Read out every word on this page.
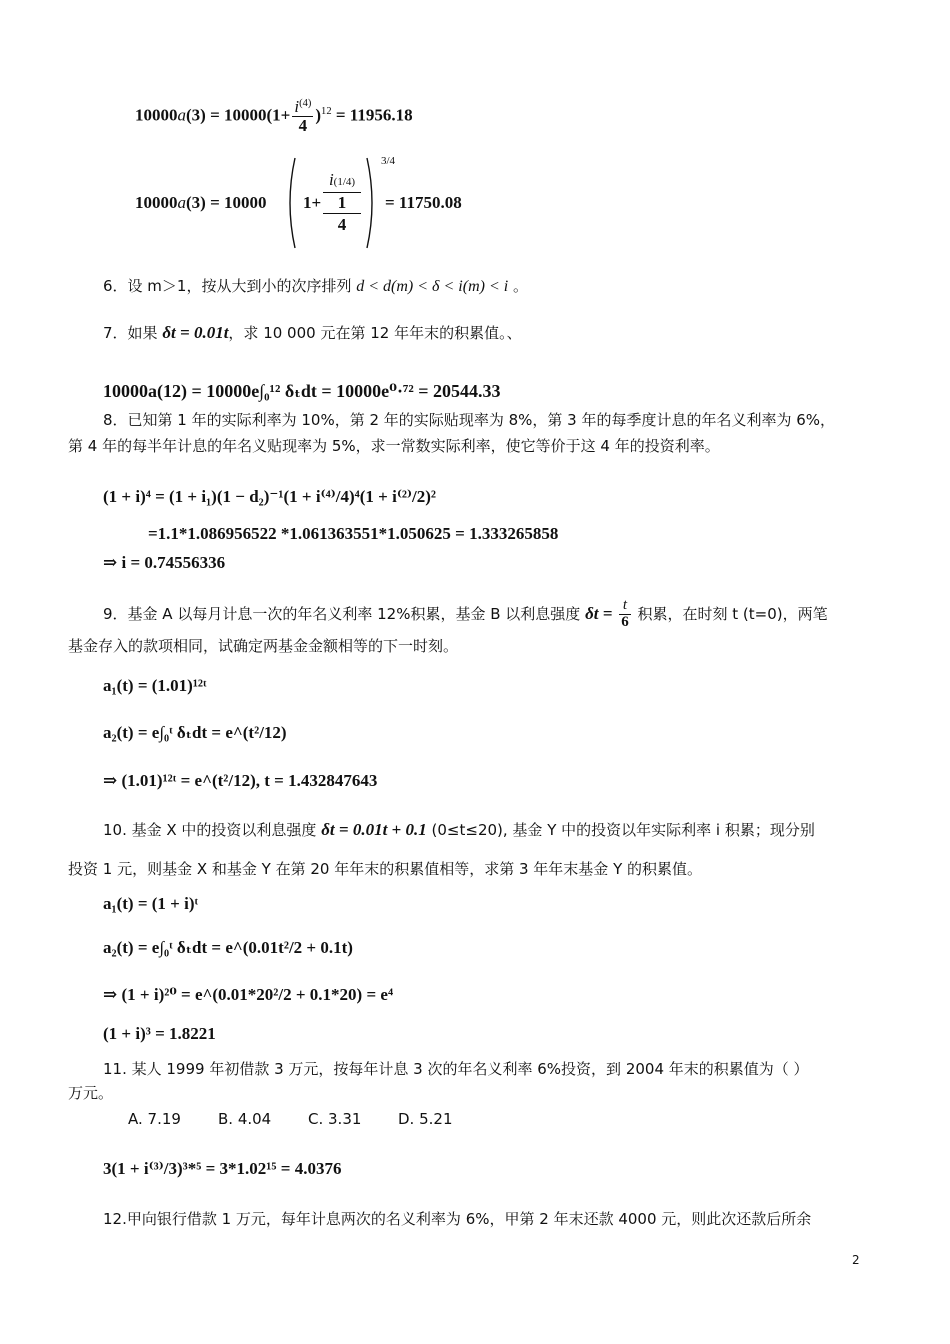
$10000a(3) = 10000(1+ \frac{i^{(4)}}{4} )^{12} = 11956.18$
10000a(3) = 10000 1+
i(1/4)
1
4
3/4
= 11750.08
6．设 m＞1，按从大到小的次序排列 d < d(m) < δ < i(m) < i 。
7．如果 δt = 0.01t，求 10 000 元在第 12 年年末的积累值。、
10000a(12) = 10000e∫₀¹² δₜdt = 10000e⁰·⁷² = 20544.33
8．已知第 1 年的实际利率为 10%，第 2 年的实际贴现率为 8%，第 3 年的每季度计息的年名义利率为 6%，
第 4 年的每半年计息的年名义贴现率为 5%，求一常数实际利率，使它等价于这 4 年的投资利率。
(1 + i)⁴ = (1 + i₁)(1 − d₂)⁻¹(1 + i⁽⁴⁾/4)⁴(1 + i⁽²⁾/2)²
=1.1*1.086956522 *1.061363551*1.050625 = 1.333265858
⇒ i = 0.74556336
9．基金 A 以每月计息一次的年名义利率 12%积累，基金 B 以利息强度 $\delta t = \frac{t}{6}$ 积累，在时刻 t (t=0)，两笔
基金存入的款项相同，试确定两基金金额相等的下一时刻。
a₁(t) = (1.01)¹²ᵗ
a₂(t) = e∫₀ᵗ δₜdt = e^(t²/12)
⇒ (1.01)¹²ᵗ = e^(t²/12), t = 1.432847643
10. 基金 X 中的投资以利息强度 δt = 0.01t + 0.1 (0≤t≤20), 基金 Y 中的投资以年实际利率 i 积累；现分别
投资 1 元，则基金 X 和基金 Y 在第 20 年年末的积累值相等，求第 3 年年末基金 Y 的积累值。
a₁(t) = (1 + i)ᵗ
a₂(t) = e∫₀ᵗ δₜdt = e^(0.01t²/2 + 0.1t)
⇒ (1 + i)²⁰ = e^(0.01*20²/2 + 0.1*20) = e⁴
(1 + i)³ = 1.8221
11. 某人 1999 年初借款 3 万元，按每年计息 3 次的年名义利率 6%投资，到 2004 年末的积累值为（ ）
万元。
A. 7.19 B. 4.04 C. 3.31 D. 5.21
3(1 + i⁽³⁾/3)³*⁵ = 3*1.02¹⁵ = 4.0376
12.甲向银行借款 1 万元，每年计息两次的名义利率为 6%，甲第 2 年末还款 4000 元，则此次还款后所余
2
